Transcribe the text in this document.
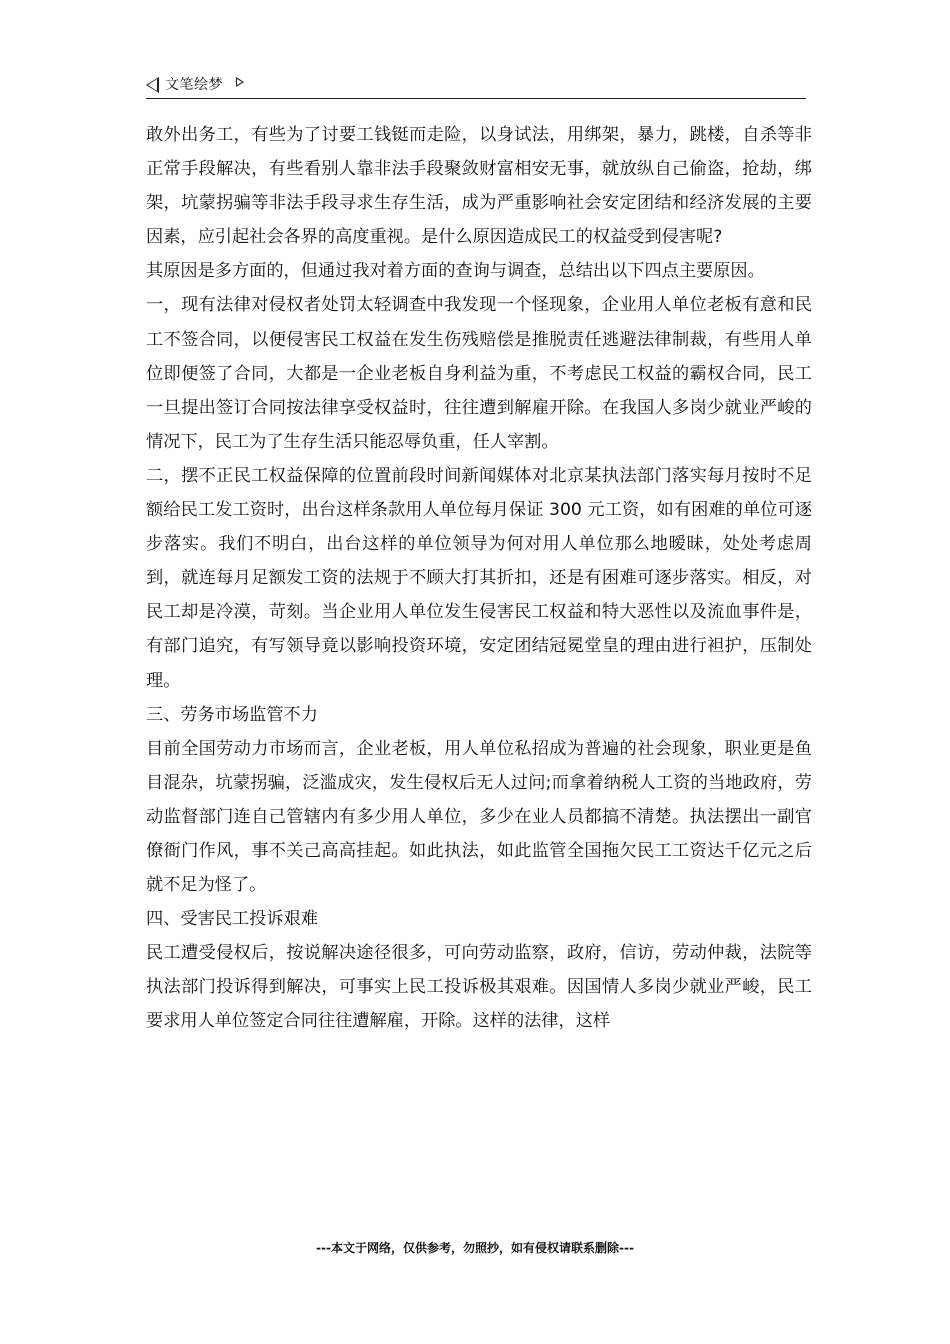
文笔绘梦

敢外出务工，有些为了讨要工钱铤而走险，以身试法，用绑架，暴力，跳楼，自杀等非正常手段解决，有些看别人靠非法手段聚敛财富相安无事，就放纵自己偷盗，抢劫，绑架，坑蒙拐骗等非法手段寻求生存生活，成为严重影响社会安定团结和经济发展的主要因素，应引起社会各界的高度重视。是什么原因造成民工的权益受到侵害呢?

其原因是多方面的，但通过我对着方面的查询与调查，总结出以下四点主要原因。

一，现有法律对侵权者处罚太轻调查中我发现一个怪现象，企业用人单位老板有意和民工不签合同，以便侵害民工权益在发生伤残赔偿是推脱责任逃避法律制裁，有些用人单位即便签了合同，大都是一企业老板自身利益为重，不考虑民工权益的霸权合同，民工一旦提出签订合同按法律享受权益时，往往遭到解雇开除。在我国人多岗少就业严峻的情况下，民工为了生存生活只能忍辱负重，任人宰割。

二，摆不正民工权益保障的位置前段时间新闻媒体对北京某执法部门落实每月按时不足额给民工发工资时，出台这样条款用人单位每月保证 300 元工资，如有困难的单位可逐步落实。我们不明白，出台这样的单位领导为何对用人单位那么地暧昧，处处考虑周到，就连每月足额发工资的法规于不顾大打其折扣，还是有困难可逐步落实。相反，对民工却是冷漠，苛刻。当企业用人单位发生侵害民工权益和特大恶性以及流血事件是，有部门追究，有写领导竟以影响投资环境，安定团结冠冕堂皇的理由进行袒护，压制处理。

三、劳务市场监管不力

目前全国劳动力市场而言，企业老板，用人单位私招成为普遍的社会现象，职业更是鱼目混杂，坑蒙拐骗，泛滥成灾，发生侵权后无人过问;而拿着纳税人工资的当地政府，劳动监督部门连自己管辖内有多少用人单位，多少在业人员都搞不清楚。执法摆出一副官僚衙门作风，事不关己高高挂起。如此执法，如此监管全国拖欠民工工资达千亿元之后就不足为怪了。

四、受害民工投诉艰难

民工遭受侵权后，按说解决途径很多，可向劳动监察，政府，信访，劳动仲裁，法院等执法部门投诉得到解决，可事实上民工投诉极其艰难。因国情人多岗少就业严峻，民工要求用人单位签定合同往往遭解雇，开除。这样的法律，这样

---本文于网络，仅供参考，勿照抄，如有侵权请联系删除---
